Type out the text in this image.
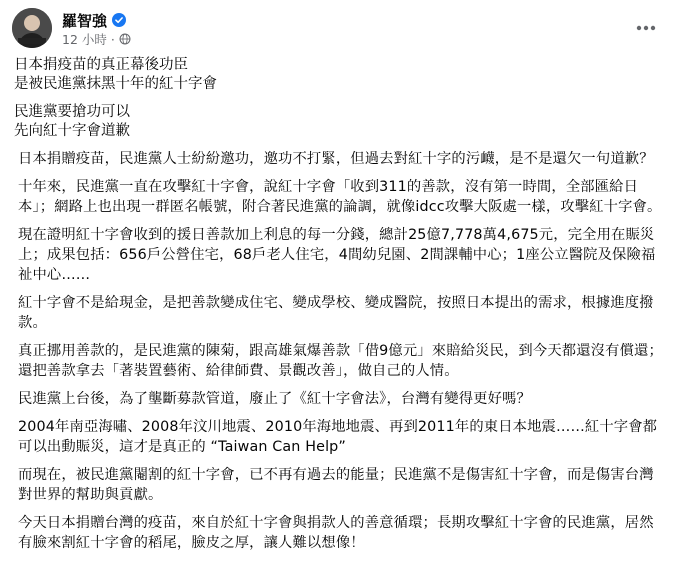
羅智強
12 小時 ·
日本捐疫苗的真正幕後功臣
是被民進黨抹黑十年的紅十字會
民進黨要搶功可以
先向紅十字會道歉

日本捐贈疫苗，民進黨人士紛紛邀功，邀功不打緊，但過去對紅十字的污衊，是不是還欠一句道歉？

十年來，民進黨一直在攻擊紅十字會，說紅十字會「收到311的善款，沒有第一時間，全部匯給日本」；網路上也出現一群匿名帳號，附合著民進黨的論調，就像idcc攻擊大阪處一樣，攻擊紅十字會。

現在證明紅十字會收到的援日善款加上利息的每一分錢，總計25億7,778萬4,675元，完全用在賑災上；成果包括：656戶公營住宅，68戶老人住宅，4間幼兒園、2間課輔中心；1座公立醫院及保險福祉中心……

紅十字會不是給現金，是把善款變成住宅、變成學校、變成醫院，按照日本提出的需求，根據進度撥款。

真正挪用善款的，是民進黨的陳菊，跟高雄氣爆善款「借9億元」來賠給災民，到今天都還沒有償還；還把善款拿去「著裝置藝術、給律師費、景觀改善」，做自己的人情。

民進黨上台後，為了壟斷募款管道，廢止了《紅十字會法》，台灣有變得更好嗎？

2004年南亞海嘯、2008年汶川地震、2010年海地地震、再到2011年的東日本地震……紅十字會都可以出動賑災，這才是真正的 “Taiwan Can Help”

而現在，被民進黨閹割的紅十字會，已不再有過去的能量；民進黨不是傷害紅十字會，而是傷害台灣對世界的幫助與貢獻。

今天日本捐贈台灣的疫苗，來自於紅十字會與捐款人的善意循環；長期攻擊紅十字會的民進黨，居然有臉來割紅十字會的稻尾，臉皮之厚，讓人難以想像！
